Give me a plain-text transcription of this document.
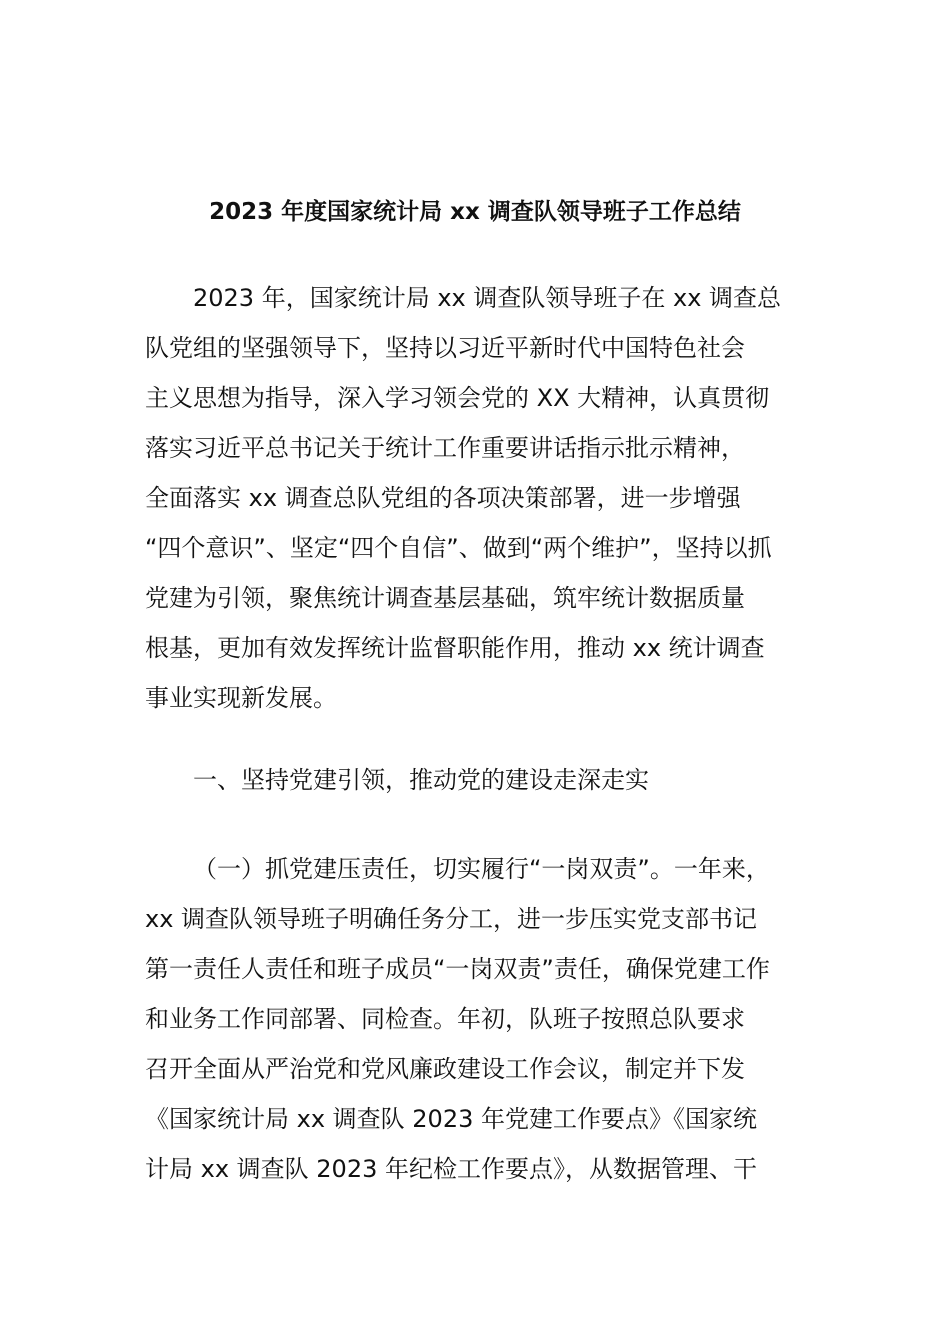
2023 年度国家统计局 xx 调查队领导班子工作总结
2023 年，国家统计局 xx 调查队领导班子在 xx 调查总
队党组的坚强领导下，坚持以习近平新时代中国特色社会
主义思想为指导，深入学习领会党的 XX 大精神，认真贯彻
落实习近平总书记关于统计工作重要讲话指示批示精神，
全面落实 xx 调查总队党组的各项决策部署，进一步增强
“四个意识”、坚定“四个自信”、做到“两个维护”，坚持以抓
党建为引领，聚焦统计调查基层基础，筑牢统计数据质量
根基，更加有效发挥统计监督职能作用，推动 xx 统计调查
事业实现新发展。
一、坚持党建引领，推动党的建设走深走实
（一）抓党建压责任，切实履行“一岗双责”。一年来，
xx 调查队领导班子明确任务分工，进一步压实党支部书记
第一责任人责任和班子成员“一岗双责”责任，确保党建工作
和业务工作同部署、同检查。年初，队班子按照总队要求
召开全面从严治党和党风廉政建设工作会议，制定并下发
《国家统计局 xx 调查队 2023 年党建工作要点》《国家统
计局 xx 调查队 2023 年纪检工作要点》，从数据管理、干
